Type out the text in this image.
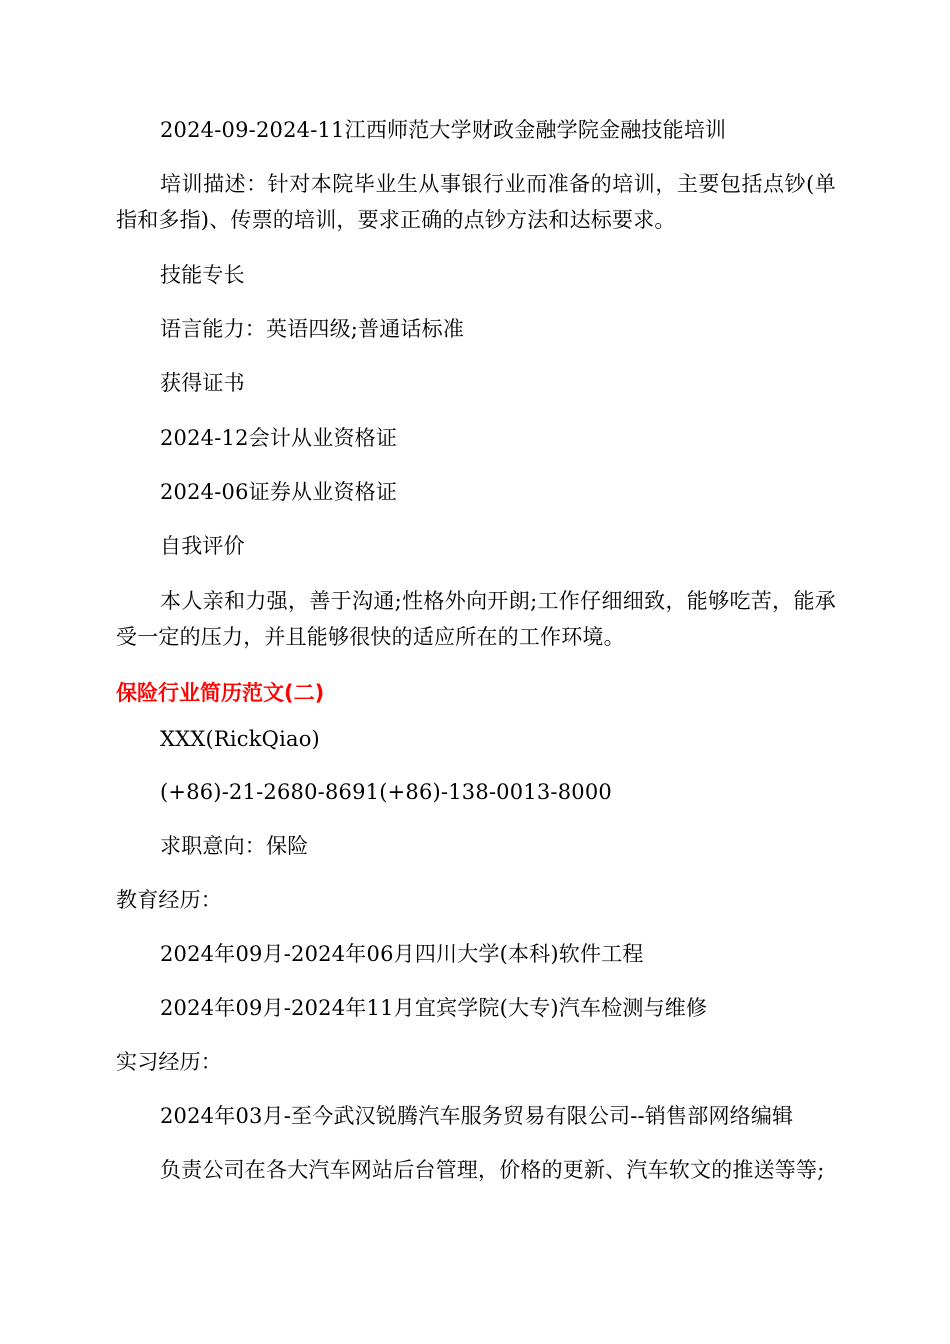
2024-09-2024-11江西师范大学财政金融学院金融技能培训
培训描述：针对本院毕业生从事银行业而准备的培训，主要包括点钞(单指和多指)、传票的培训，要求正确的点钞方法和达标要求。
技能专长
语言能力：英语四级;普通话标准
获得证书
2024-12会计从业资格证
2024-06证券从业资格证
自我评价
本人亲和力强，善于沟通;性格外向开朗;工作仔细细致，能够吃苦，能承受一定的压力，并且能够很快的适应所在的工作环境。
保险行业简历范文(二)
XXX(RickQiao)
(+86)-21-2680-8691(+86)-138-0013-8000
求职意向：保险
教育经历：
2024年09月-2024年06月四川大学(本科)软件工程
2024年09月-2024年11月宜宾学院(大专)汽车检测与维修
实习经历：
2024年03月-至今武汉锐腾汽车服务贸易有限公司--销售部网络编辑
负责公司在各大汽车网站后台管理，价格的更新、汽车软文的推送等等;
